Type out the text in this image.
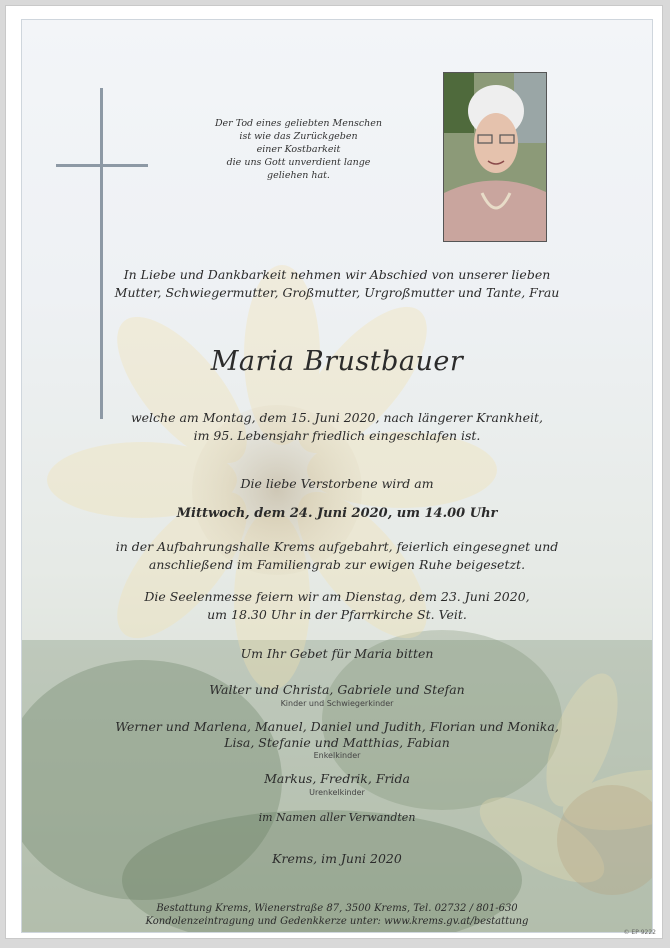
Der Tod eines geliebten Menschen
ist wie das Zurückgeben
einer Kostbarkeit
die uns Gott unverdient lange
geliehen hat.
In Liebe und Dankbarkeit nehmen wir Abschied von unserer lieben
Mutter, Schwiegermutter, Großmutter, Urgroßmutter und Tante, Frau
Maria Brustbauer
welche am Montag, dem 15. Juni 2020, nach längerer Krankheit,
im 95. Lebensjahr friedlich eingeschlafen ist.
Die liebe Verstorbene wird am
Mittwoch, dem 24. Juni 2020, um 14.00 Uhr
in der Aufbahrungshalle Krems aufgebahrt, feierlich eingesegnet und
anschließend im Familiengrab zur ewigen Ruhe beigesetzt.
Die Seelenmesse feiern wir am Dienstag, dem 23. Juni 2020,
um 18.30 Uhr in der Pfarrkirche St. Veit.
Um Ihr Gebet für Maria bitten
Walter und Christa, Gabriele und Stefan
Kinder und Schwiegerkinder
Werner und Marlena, Manuel, Daniel und Judith, Florian und Monika,
Lisa, Stefanie und Matthias, Fabian
Enkelkinder
Markus, Fredrik, Frida
Urenkelkinder
im Namen aller Verwandten
Krems, im Juni 2020
Bestattung Krems, Wienerstraße 87, 3500 Krems, Tel. 02732 / 801-630
Kondolenzeintragung und Gedenkkerze unter: www.krems.gv.at/bestattung
© EP 9222
